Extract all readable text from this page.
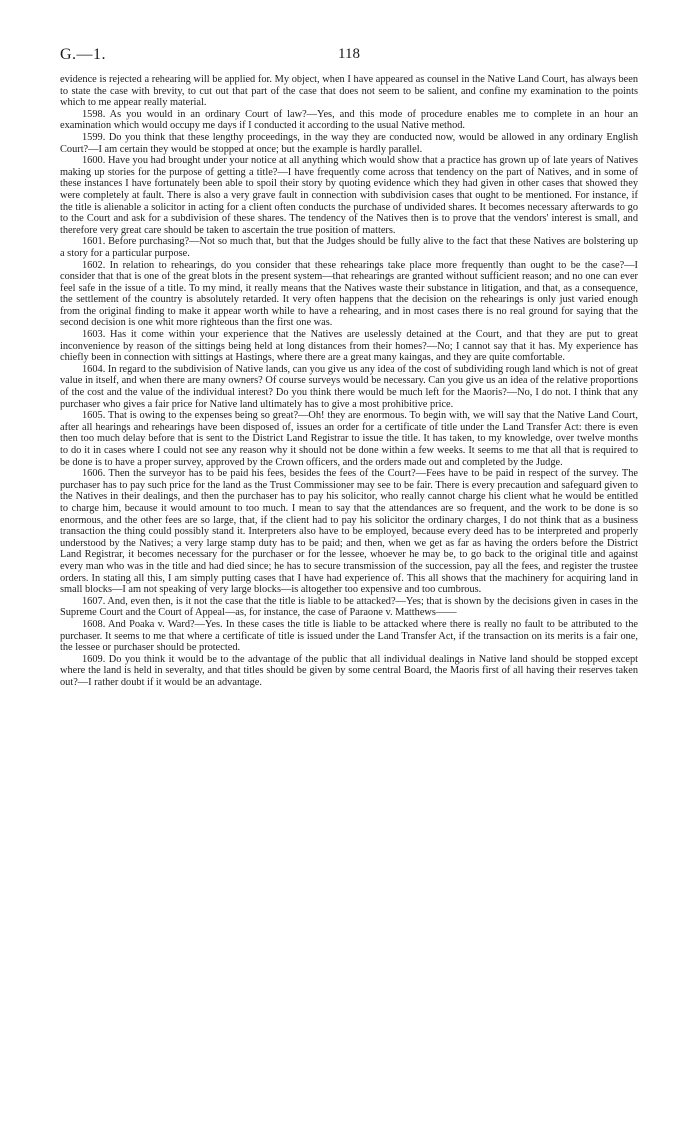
G.—1.	118

evidence is rejected a rehearing will be applied for. My object, when I have appeared as counsel in the Native Land Court, has always been to state the case with brevity, to cut out that part of the case that does not seem to be salient, and confine my examination to the points which to me appear really material.

1598. As you would in an ordinary Court of law?—Yes, and this mode of procedure enables me to complete in an hour an examination which would occupy me days if I conducted it according to the usual Native method.

1599. Do you think that these lengthy proceedings, in the way they are conducted now, would be allowed in any ordinary English Court?—I am certain they would be stopped at once; but the example is hardly parallel.

1600. Have you had brought under your notice at all anything which would show that a practice has grown up of late years of Natives making up stories for the purpose of getting a title?—I have frequently come across that tendency on the part of Natives, and in some of these instances I have fortunately been able to spoil their story by quoting evidence which they had given in other cases that showed they were completely at fault. There is also a very grave fault in connection with subdivision cases that ought to be mentioned. For instance, if the title is alienable a solicitor in acting for a client often conducts the purchase of undivided shares. It becomes necessary afterwards to go to the Court and ask for a subdivision of these shares. The tendency of the Natives then is to prove that the vendors' interest is small, and therefore very great care should be taken to ascertain the true position of matters.

1601. Before purchasing?—Not so much that, but that the Judges should be fully alive to the fact that these Natives are bolstering up a story for a particular purpose.

1602. In relation to rehearings, do you consider that these rehearings take place more frequently than ought to be the case?—I consider that that is one of the great blots in the present system—that rehearings are granted without sufficient reason; and no one can ever feel safe in the issue of a title. To my mind, it really means that the Natives waste their substance in litigation, and that, as a consequence, the settlement of the country is absolutely retarded. It very often happens that the decision on the rehearings is only just varied enough from the original finding to make it appear worth while to have a rehearing, and in most cases there is no real ground for saying that the second decision is one whit more righteous than the first one was.

1603. Has it come within your experience that the Natives are uselessly detained at the Court, and that they are put to great inconvenience by reason of the sittings being held at long distances from their homes?—No; I cannot say that it has. My experience has chiefly been in connection with sittings at Hastings, where there are a great many kaingas, and they are quite comfortable.

1604. In regard to the subdivision of Native lands, can you give us any idea of the cost of subdividing rough land which is not of great value in itself, and when there are many owners? Of course surveys would be necessary. Can you give us an idea of the relative proportions of the cost and the value of the individual interest? Do you think there would be much left for the Maoris?—No, I do not. I think that any purchaser who gives a fair price for Native land ultimately has to give a most prohibitive price.

1605. That is owing to the expenses being so great?—Oh! they are enormous. To begin with, we will say that the Native Land Court, after all hearings and rehearings have been disposed of, issues an order for a certificate of title under the Land Transfer Act: there is even then too much delay before that is sent to the District Land Registrar to issue the title. It has taken, to my knowledge, over twelve months to do it in cases where I could not see any reason why it should not be done within a few weeks. It seems to me that all that is required to be done is to have a proper survey, approved by the Crown officers, and the orders made out and completed by the Judge.

1606. Then the surveyor has to be paid his fees, besides the fees of the Court?—Fees have to be paid in respect of the survey. The purchaser has to pay such price for the land as the Trust Commissioner may see to be fair. There is every precaution and safeguard given to the Natives in their dealings, and then the purchaser has to pay his solicitor, who really cannot charge his client what he would be entitled to charge him, because it would amount to too much. I mean to say that the attendances are so frequent, and the work to be done is so enormous, and the other fees are so large, that, if the client had to pay his solicitor the ordinary charges, I do not think that as a business transaction the thing could possibly stand it. Interpreters also have to be employed, because every deed has to be interpreted and properly understood by the Natives; a very large stamp duty has to be paid; and then, when we get as far as having the orders before the District Land Registrar, it becomes necessary for the purchaser or for the lessee, whoever he may be, to go back to the original title and against every man who was in the title and had died since; he has to secure transmission of the succession, pay all the fees, and register the trustee orders. In stating all this, I am simply putting cases that I have had experience of. This all shows that the machinery for acquiring land in small blocks—I am not speaking of very large blocks—is altogether too expensive and too cumbrous.

1607. And, even then, is it not the case that the title is liable to be attacked?—Yes; that is shown by the decisions given in cases in the Supreme Court and the Court of Appeal—as, for instance, the case of Paraone v. Matthews——

1608. And Poaka v. Ward?—Yes. In these cases the title is liable to be attacked where there is really no fault to be attributed to the purchaser. It seems to me that where a certificate of title is issued under the Land Transfer Act, if the transaction on its merits is a fair one, the lessee or purchaser should be protected.

1609. Do you think it would be to the advantage of the public that all individual dealings in Native land should be stopped except where the land is held in severalty, and that titles should be given by some central Board, the Maoris first of all having their reserves taken out?—I rather doubt if it would be an advantage.
